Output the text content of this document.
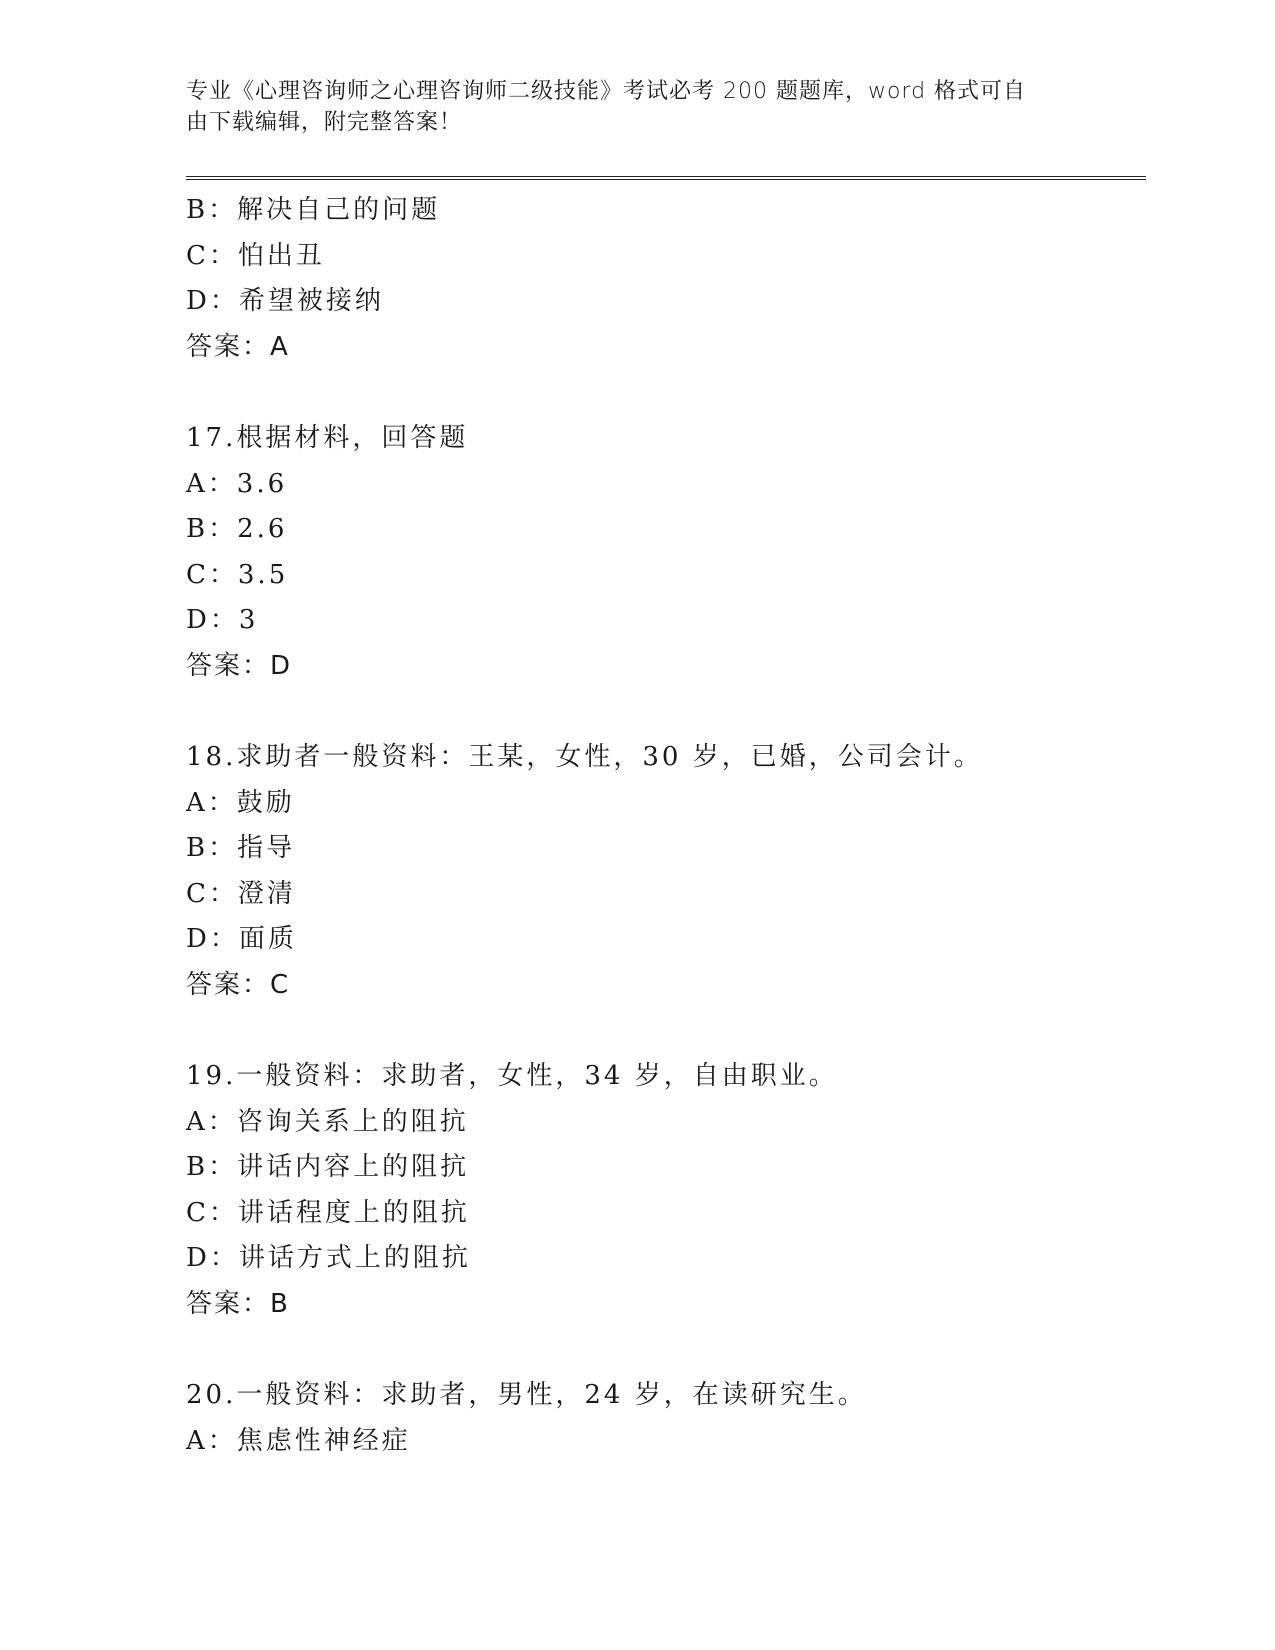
专业《心理咨询师之心理咨询师二级技能》考试必考 200 题题库，word 格式可自
由下载编辑，附完整答案！
B：解决自己的问题
C：怕出丑
D：希望被接纳
答案：A
17.根据材料，回答题
A：3.6
B：2.6
C：3.5
D：3
答案：D
18.求助者一般资料：王某，女性，30 岁，已婚，公司会计。
A：鼓励
B：指导
C：澄清
D：面质
答案：C
19.一般资料：求助者，女性，34 岁，自由职业。
A：咨询关系上的阻抗
B：讲话内容上的阻抗
C：讲话程度上的阻抗
D：讲话方式上的阻抗
答案：B
20.一般资料：求助者，男性，24 岁，在读研究生。
A：焦虑性神经症
